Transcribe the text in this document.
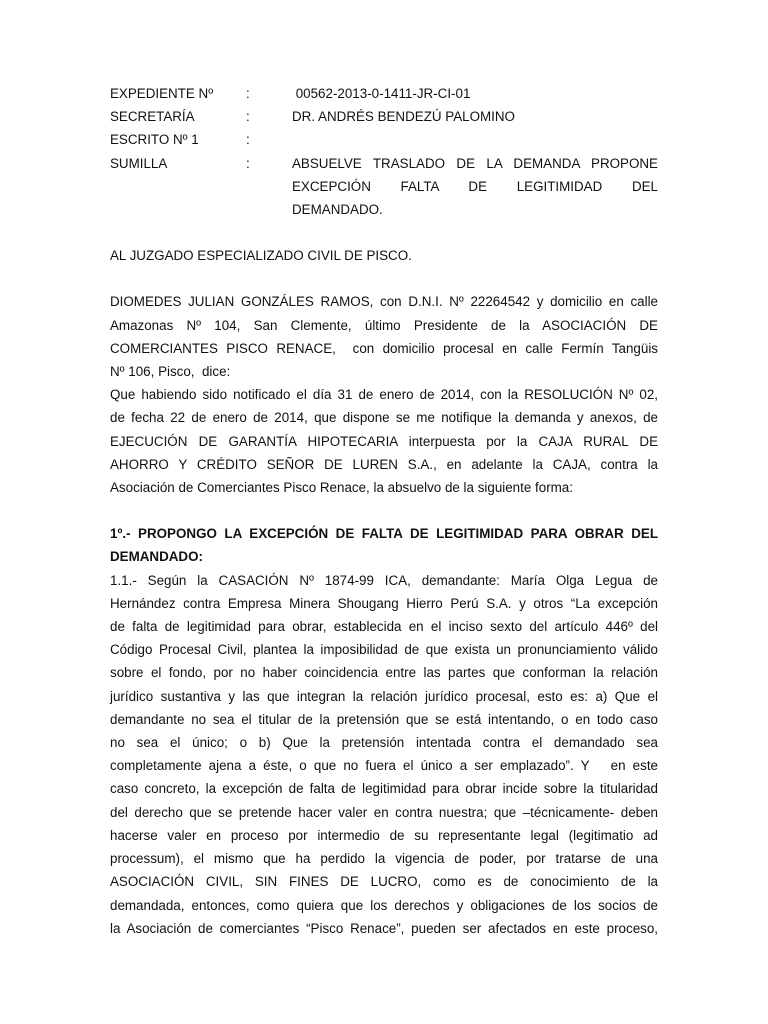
EXPEDIENTE Nº	:	00562-2013-0-1411-JR-CI-01
SECRETARÍA	:	DR. ANDRÉS BENDEZÚ PALOMINO
ESCRITO Nº 1	:
SUMILLA	:	ABSUELVE TRASLADO DE LA DEMANDA PROPONE
EXCEPCIÓN FALTA DE LEGITIMIDAD DEL
DEMANDADO.
AL JUZGADO ESPECIALIZADO CIVIL DE PISCO.
DIOMEDES JULIAN GONZÁLES RAMOS, con D.N.I. Nº 22264542 y domicilio en calle
Amazonas Nº 104, San Clemente, último Presidente de la ASOCIACIÓN DE
COMERCIANTES PISCO RENACE,  con domicilio procesal en calle Fermín Tangüis
Nº 106, Pisco,  dice:
Que habiendo sido notificado el día 31 de enero de 2014, con la RESOLUCIÓN Nº 02,
de fecha 22 de enero de 2014, que dispone se me notifique la demanda y anexos, de
EJECUCIÓN DE GARANTÍA HIPOTECARIA interpuesta por la CAJA RURAL DE
AHORRO Y CRÉDITO SEÑOR DE LUREN S.A., en adelante la CAJA, contra la
Asociación de Comerciantes Pisco Renace, la absuelvo de la siguiente forma:
1º.- PROPONGO LA EXCEPCIÓN DE FALTA DE LEGITIMIDAD PARA OBRAR DEL
DEMANDADO:
1.1.- Según la CASACIÓN Nº 1874-99 ICA, demandante: María Olga Legua de
Hernández contra Empresa Minera Shougang Hierro Perú S.A. y otros “La excepción
de falta de legitimidad para obrar, establecida en el inciso sexto del artículo 446º del
Código Procesal Civil, plantea la imposibilidad de que exista un pronunciamiento válido
sobre el fondo, por no haber coincidencia entre las partes que conforman la relación
jurídico sustantiva y las que integran la relación jurídico procesal, esto es: a) Que el
demandante no sea el titular de la pretensión que se está intentando, o en todo caso
no sea el único; o b) Que la pretensión intentada contra el demandado sea
completamente ajena a éste, o que no fuera el único a ser emplazado”. Y   en este
caso concreto, la excepción de falta de legitimidad para obrar incide sobre la titularidad
del derecho que se pretende hacer valer en contra nuestra; que –técnicamente- deben
hacerse valer en proceso por intermedio de su representante legal (legitimatio ad
processum), el mismo que ha perdido la vigencia de poder, por tratarse de una
ASOCIACIÓN CIVIL, SIN FINES DE LUCRO, como es de conocimiento de la
demandada, entonces, como quiera que los derechos y obligaciones de los socios de
la Asociación de comerciantes “Pisco Renace”, pueden ser afectados en este proceso,
